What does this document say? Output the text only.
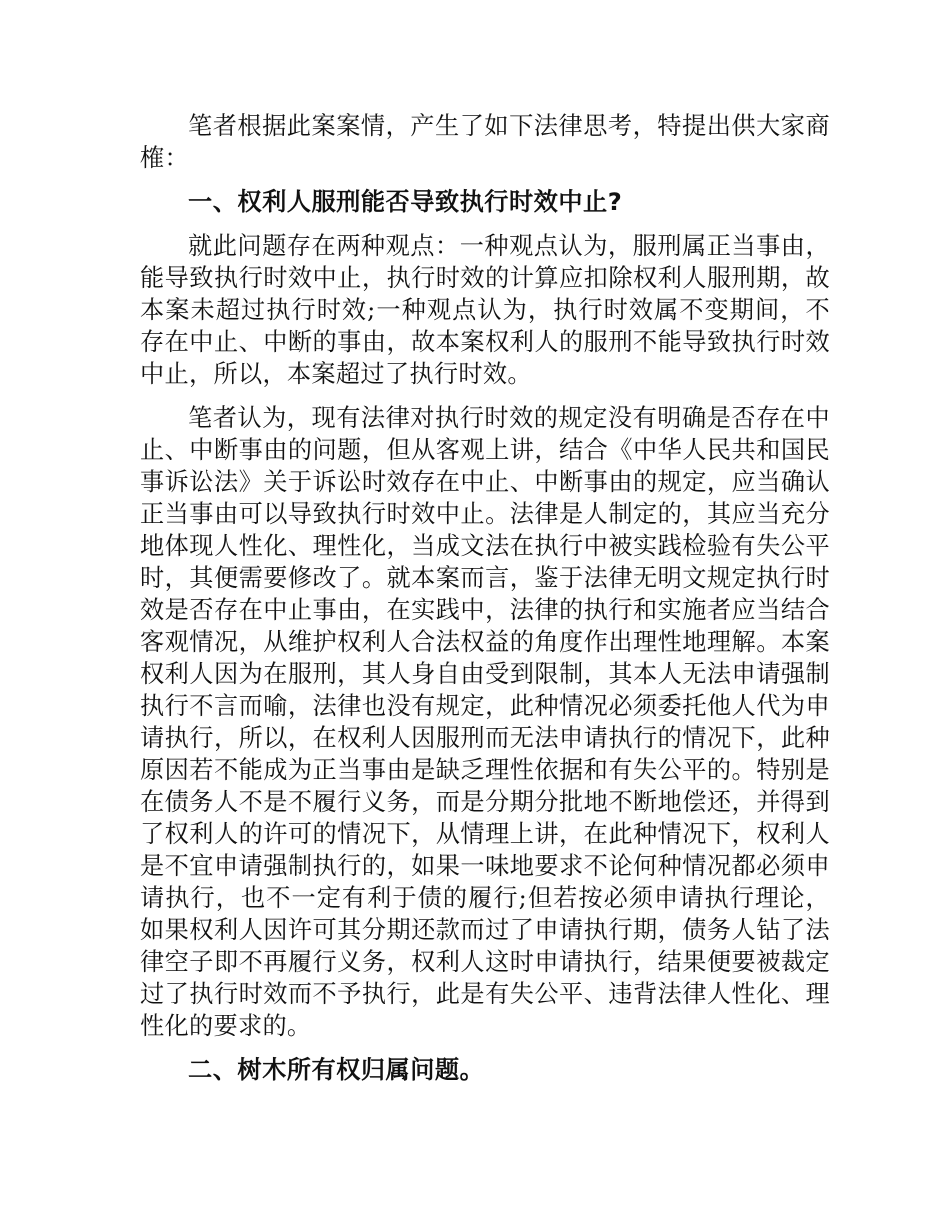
笔者根据此案案情，产生了如下法律思考，特提出供大家商榷：

一、权利人服刑能否导致执行时效中止?

就此问题存在两种观点：一种观点认为，服刑属正当事由，能导致执行时效中止，执行时效的计算应扣除权利人服刑期，故本案未超过执行时效;一种观点认为，执行时效属不变期间，不存在中止、中断的事由，故本案权利人的服刑不能导致执行时效中止，所以，本案超过了执行时效。

笔者认为，现有法律对执行时效的规定没有明确是否存在中止、中断事由的问题，但从客观上讲，结合《中华人民共和国民事诉讼法》关于诉讼时效存在中止、中断事由的规定，应当确认正当事由可以导致执行时效中止。法律是人制定的，其应当充分地体现人性化、理性化，当成文法在执行中被实践检验有失公平时，其便需要修改了。就本案而言，鉴于法律无明文规定执行时效是否存在中止事由，在实践中，法律的执行和实施者应当结合客观情况，从维护权利人合法权益的角度作出理性地理解。本案权利人因为在服刑，其人身自由受到限制，其本人无法申请强制执行不言而喻，法律也没有规定，此种情况必须委托他人代为申请执行，所以，在权利人因服刑而无法申请执行的情况下，此种原因若不能成为正当事由是缺乏理性依据和有失公平的。特别是在债务人不是不履行义务，而是分期分批地不断地偿还，并得到了权利人的许可的情况下，从情理上讲，在此种情况下，权利人是不宜申请强制执行的，如果一味地要求不论何种情况都必须申请执行，也不一定有利于债的履行;但若按必须申请执行理论，如果权利人因许可其分期还款而过了申请执行期，债务人钻了法律空子即不再履行义务，权利人这时申请执行，结果便要被裁定过了执行时效而不予执行，此是有失公平、违背法律人性化、理性化的要求的。

二、树木所有权归属问题。
